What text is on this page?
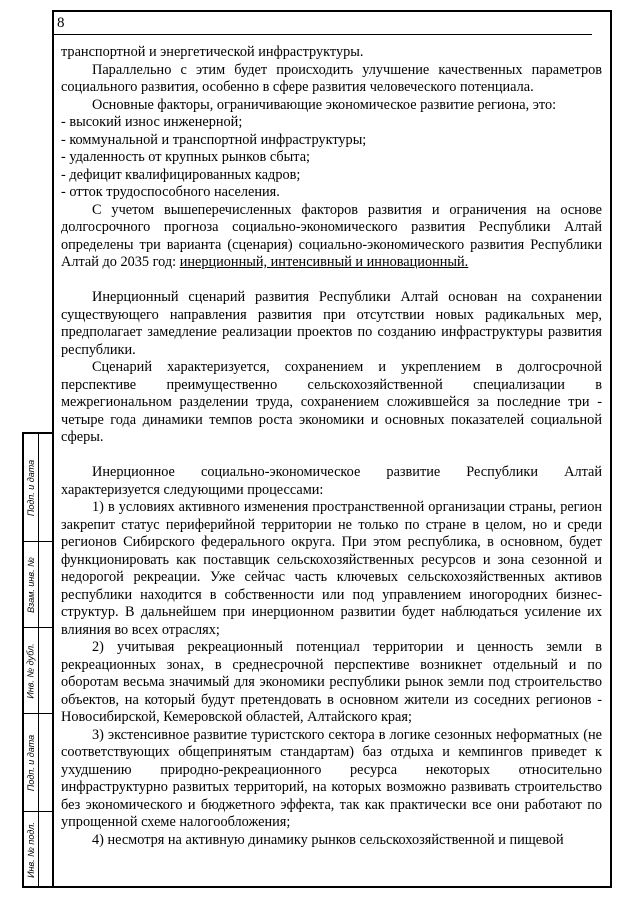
8
Подп. и дата
Взам. инв. №
Инв. № дубл.
Подп. и дата
Инв. № подл.

транспортной и энергетической инфраструктуры.

Параллельно с этим будет происходить улучшение качественных параметров социального развития, особенно в сфере развития человеческого потенциала.

Основные факторы, ограничивающие экономическое развитие региона, это:

- высокий износ инженерной;

- коммунальной и транспортной инфраструктуры;

- удаленность от крупных рынков сбыта;

- дефицит квалифицированных кадров;

- отток трудоспособного населения.

С учетом вышеперечисленных факторов развития и ограничения на основе долгосрочного прогноза социально-экономического развития Республики Алтай определены три варианта (сценария) социально-экономического развития Республики Алтай до 2035 год: инерционный, интенсивный и инновационный.

Инерционный сценарий развития Республики Алтай основан на сохранении существующего направления развития при отсутствии новых радикальных мер, предполагает замедление реализации проектов по созданию инфраструктуры развития республики.

Сценарий характеризуется, сохранением и укреплением в долгосрочной перспективе преимущественно сельскохозяйственной специализации в межрегиональном разделении труда, сохранением сложившейся за последние три - четыре года динамики темпов роста экономики и основных показателей социальной сферы.

Инерционное социально-экономическое развитие Республики Алтай характеризуется следующими процессами:

1) в условиях активного изменения пространственной организации страны, регион закрепит статус периферийной территории не только по стране в целом, но и среди регионов Сибирского федерального округа. При этом республика, в основном, будет функционировать как поставщик сельскохозяйственных ресурсов и зона сезонной и недорогой рекреации. Уже сейчас часть ключевых сельскохозяйственных активов республики находится в собственности или под управлением иногородних бизнес-структур. В дальнейшем при инерционном развитии будет наблюдаться усиление их влияния во всех отраслях;

2) учитывая рекреационный потенциал территории и ценность земли в рекреационных зонах, в среднесрочной перспективе возникнет отдельный и по оборотам весьма значимый для экономики республики рынок земли под строительство объектов, на который будут претендовать в основном жители из соседних регионов - Новосибирской, Кемеровской областей, Алтайского края;

3) экстенсивное развитие туристского сектора в логике сезонных неформатных (не соответствующих общепринятым стандартам) баз отдыха и кемпингов приведет к ухудшению природно-рекреационного ресурса некоторых относительно инфраструктурно развитых территорий, на которых возможно развивать строительство без экономического и бюджетного эффекта, так как практически все они работают по упрощенной схеме налогообложения;

4) несмотря на активную динамику рынков сельскохозяйственной и пищевой
